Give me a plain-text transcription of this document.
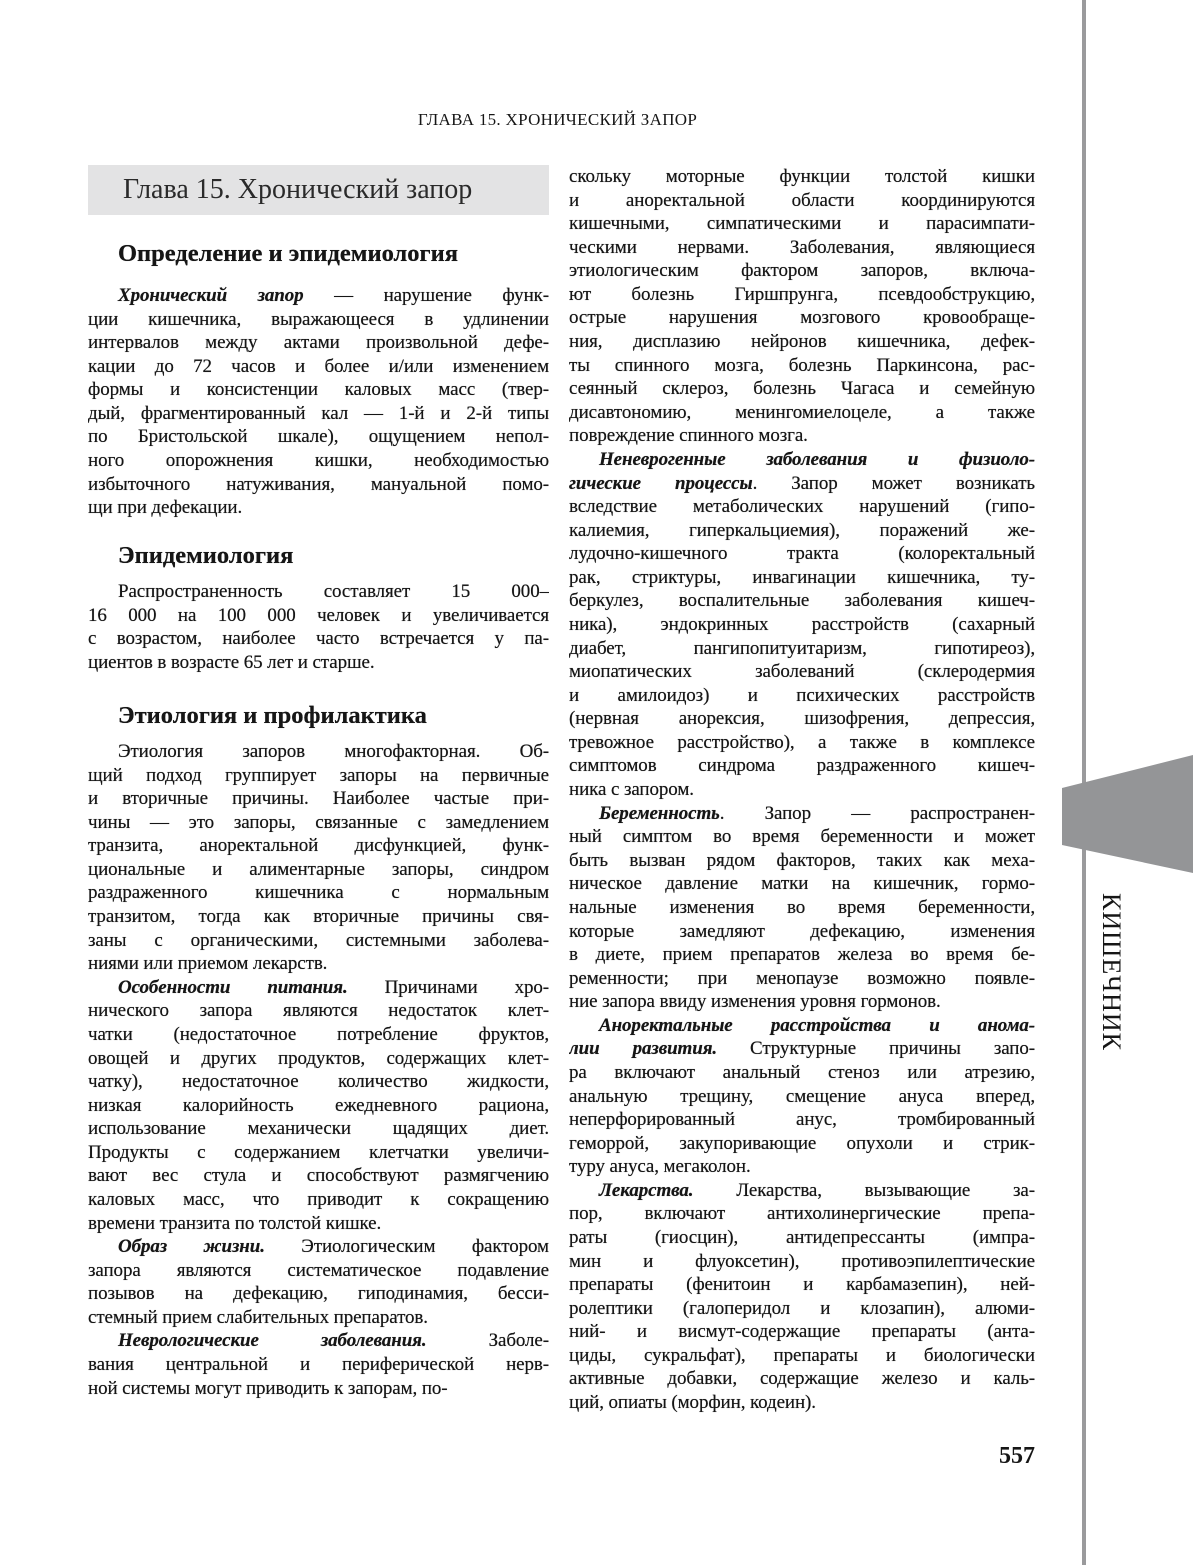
ГЛАВА 15. ХРОНИЧЕСКИЙ ЗАПОР
Глава 15. Хронический запор
Определение и эпидемиология
Хронический запор — нарушение функ-
ции кишечника, выражающееся в удлинении
интервалов между актами произвольной дефе-
кации до 72 часов и более и/или изменением
формы и консистенции каловых масс (твер-
дый, фрагментированный кал — 1-й и 2-й типы
по Бристольской шкале), ощущением непол-
ного опорожнения кишки, необходимостью
избыточного натуживания, мануальной помо-
щи при дефекации.
Эпидемиология
Распространенность составляет 15 000–
16 000 на 100 000 человек и увеличивается
с возрастом, наиболее часто встречается у па-
циентов в возрасте 65 лет и старше.
Этиология и профилактика
Этиология запоров многофакторная. Об-
щий подход группирует запоры на первичные
и вторичные причины. Наиболее частые при-
чины — это запоры, связанные с замедлением
транзита, аноректальной дисфункцией, функ-
циональные и алиментарные запоры, синдром
раздраженного кишечника с нормальным
транзитом, тогда как вторичные причины свя-
заны с органическими, системными заболева-
ниями или приемом лекарств.
Особенности питания. Причинами хро-
нического запора являются недостаток клет-
чатки (недостаточное потребление фруктов,
овощей и других продуктов, содержащих клет-
чатку), недостаточное количество жидкости,
низкая калорийность ежедневного рациона,
использование механически щадящих диет.
Продукты с содержанием клетчатки увеличи-
вают вес стула и способствуют размягчению
каловых масс, что приводит к сокращению
времени транзита по толстой кишке.
Образ жизни. Этиологическим фактором
запора являются систематическое подавление
позывов на дефекацию, гиподинамия, бесси-
стемный прием слабительных препаратов.
Неврологические заболевания. Заболе-
вания центральной и периферической нерв-
ной системы могут приводить к запорам, по-
скольку моторные функции толстой кишки
и аноректальной области координируются
кишечными, симпатическими и парасимпати-
ческими нервами. Заболевания, являющиеся
этиологическим фактором запоров, включа-
ют болезнь Гиршпрунга, псевдообструкцию,
острые нарушения мозгового кровообраще-
ния, дисплазию нейронов кишечника, дефек-
ты спинного мозга, болезнь Паркинсона, рас-
сеянный склероз, болезнь Чагаса и семейную
дисавтономию, менингомиелоцеле, а также
повреждение спинного мозга.
Неневрогенные заболевания и физиоло-
гические процессы. Запор может возникать
вследствие метаболических нарушений (гипо-
калиемия, гиперкальциемия), поражений же-
лудочно-кишечного тракта (колоректальный
рак, стриктуры, инвагинации кишечника, ту-
беркулез, воспалительные заболевания кишеч-
ника), эндокринных расстройств (сахарный
диабет, пангипопитуитаризм, гипотиреоз),
миопатических заболеваний (склеродермия
и амилоидоз) и психических расстройств
(нервная анорексия, шизофрения, депрессия,
тревожное расстройство), а также в комплексе
симптомов синдрома раздраженного кишеч-
ника с запором.
Беременность. Запор — распространен-
ный симптом во время беременности и может
быть вызван рядом факторов, таких как меха-
ническое давление матки на кишечник, гормо-
нальные изменения во время беременности,
которые замедляют дефекацию, изменения
в диете, прием препаратов железа во время бе-
ременности; при менопаузе возможно появле-
ние запора ввиду изменения уровня гормонов.
Аноректальные расстройства и анома-
лии развития. Структурные причины запо-
ра включают анальный стеноз или атрезию,
анальную трещину, смещение ануса вперед,
неперфорированный анус, тромбированный
геморрой, закупоривающие опухоли и стрик-
туру ануса, мегаколон.
Лекарства. Лекарства, вызывающие за-
пор, включают антихолинергические препа-
раты (гиосцин), антидепрессанты (импра-
мин и флуоксетин), противоэпилептические
препараты (фенитоин и карбамазепин), ней-
ролептики (галоперидол и клозапин), алюми-
ний- и висмут-содержащие препараты (анта-
циды, сукральфат), препараты и биологически
активные добавки, содержащие железо и каль-
ций, опиаты (морфин, кодеин).
КИШЕЧНИК
557
